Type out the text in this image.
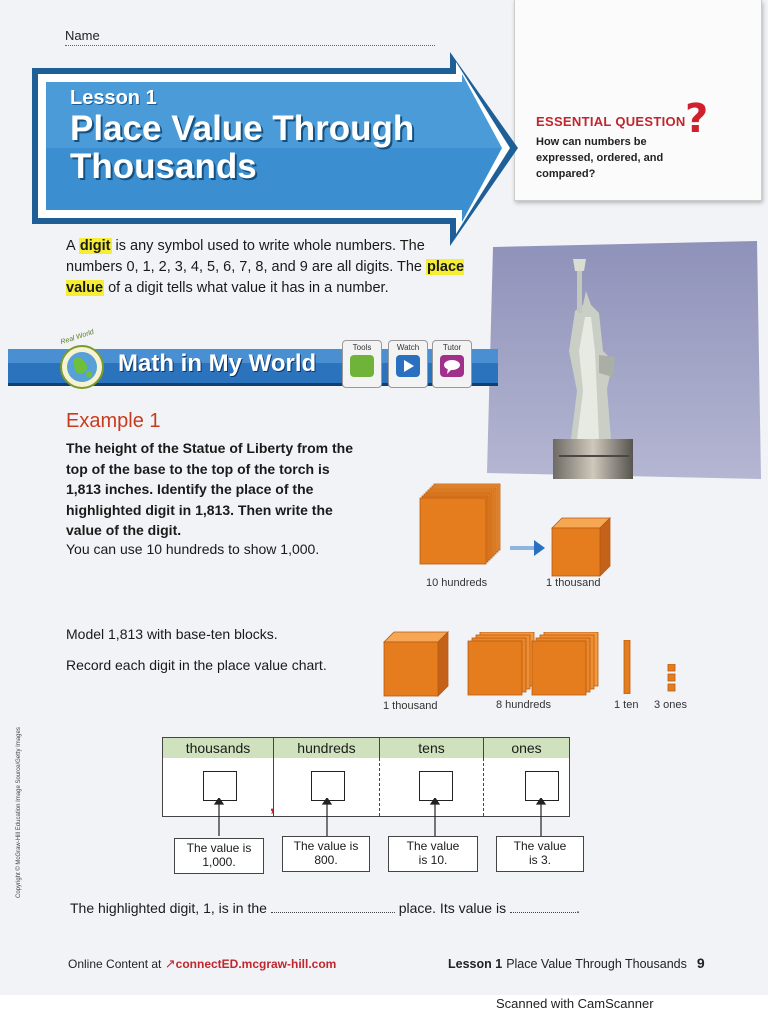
Name
ESSENTIAL QUESTION ?
How can numbers be expressed, ordered, and compared?
Lesson 1
Place Value Through
Thousands
A digit is any symbol used to write whole numbers. The numbers 0, 1, 2, 3, 4, 5, 6, 7, 8, and 9 are all digits. The place value of a digit tells what value it has in a number.
Real World
Math in My World
Tools	Watch	Tutor
Example 1
The height of the Statue of Liberty from the top of the base to the top of the torch is 1,813 inches. Identify the place of the highlighted digit in 1,813. Then write the value of the digit.
You can use 10 hundreds to show 1,000.
10 hundreds	1 thousand
Model 1,813 with base-ten blocks.
Record each digit in the place value chart.
1 thousand	8 hundreds	1 ten 3 ones
thousands	hundreds	tens	ones
,
The value is
1,000.
The value is
800.
The value
is 10.
The value
is 3.
The highlighted digit, 1, is in the	place. Its value is	.
Online Content at ↗connectED.mcgraw-hill.com	Lesson 1 Place Value Through Thousands 9
Copyright © McGraw-Hill Education Image Source/Getty Images
Scanned with CamScanner
